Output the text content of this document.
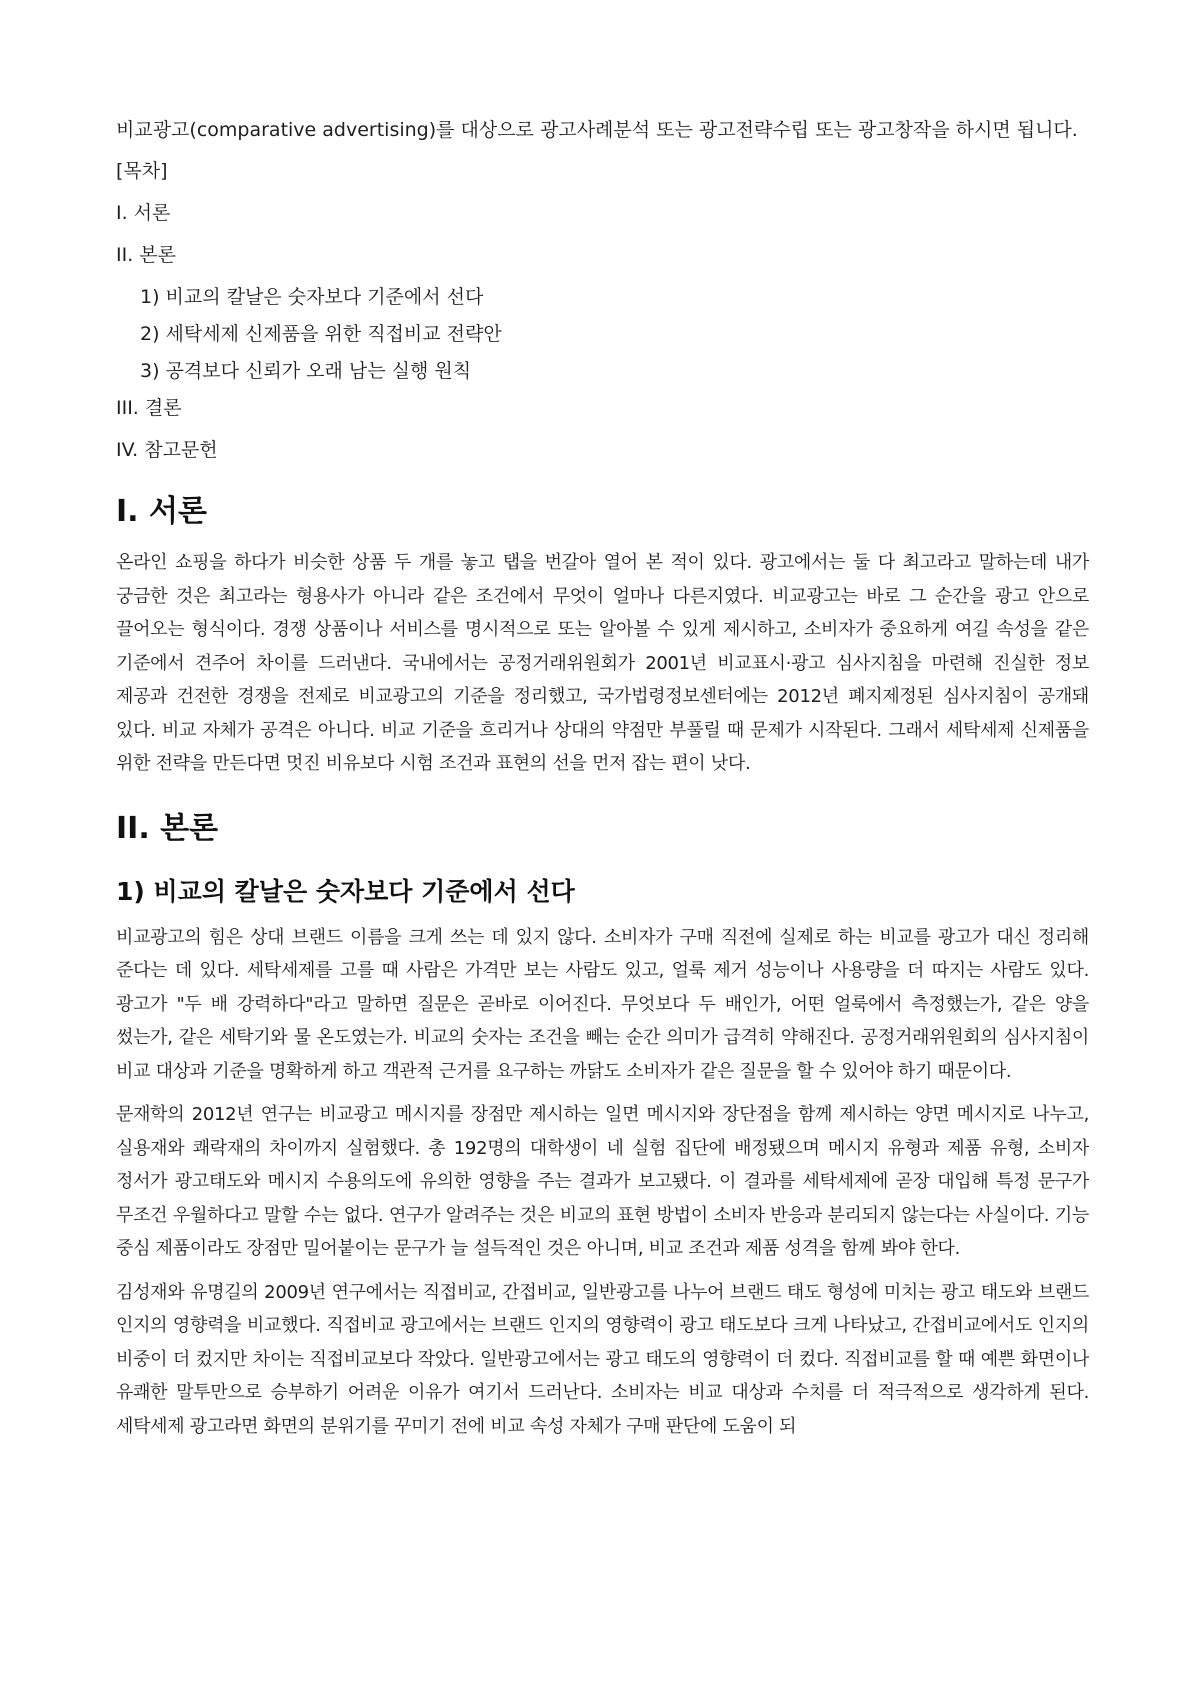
비교광고(comparative advertising)를 대상으로 광고사례분석 또는 광고전략수립 또는 광고창작을 하시면 됩니다.

[목차]
I. 서론
II. 본론
1) 비교의 칼날은 숫자보다 기준에서 선다
2) 세탁세제 신제품을 위한 직접비교 전략안
3) 공격보다 신뢰가 오래 남는 실행 원칙
III. 결론
IV. 참고문헌
I. 서론

온라인 쇼핑을 하다가 비슷한 상품 두 개를 놓고 탭을 번갈아 열어 본 적이 있다. 광고에서는 둘 다 최고라고 말하는데 내가 궁금한 것은 최고라는 형용사가 아니라 같은 조건에서 무엇이 얼마나 다른지였다. 비교광고는 바로 그 순간을 광고 안으로 끌어오는 형식이다. 경쟁 상품이나 서비스를 명시적으로 또는 알아볼 수 있게 제시하고, 소비자가 중요하게 여길 속성을 같은 기준에서 견주어 차이를 드러낸다. 국내에서는 공정거래위원회가 2001년 비교표시·광고 심사지침을 마련해 진실한 정보 제공과 건전한 경쟁을 전제로 비교광고의 기준을 정리했고, 국가법령정보센터에는 2012년 폐지제정된 심사지침이 공개돼 있다. 비교 자체가 공격은 아니다. 비교 기준을 흐리거나 상대의 약점만 부풀릴 때 문제가 시작된다. 그래서 세탁세제 신제품을 위한 전략을 만든다면 멋진 비유보다 시험 조건과 표현의 선을 먼저 잡는 편이 낫다.

II. 본론
1) 비교의 칼날은 숫자보다 기준에서 선다

비교광고의 힘은 상대 브랜드 이름을 크게 쓰는 데 있지 않다. 소비자가 구매 직전에 실제로 하는 비교를 광고가 대신 정리해 준다는 데 있다. 세탁세제를 고를 때 사람은 가격만 보는 사람도 있고, 얼룩 제거 성능이나 사용량을 더 따지는 사람도 있다. 광고가 "두 배 강력하다"라고 말하면 질문은 곧바로 이어진다. 무엇보다 두 배인가, 어떤 얼룩에서 측정했는가, 같은 양을 썼는가, 같은 세탁기와 물 온도였는가. 비교의 숫자는 조건을 빼는 순간 의미가 급격히 약해진다. 공정거래위원회의 심사지침이 비교 대상과 기준을 명확하게 하고 객관적 근거를 요구하는 까닭도 소비자가 같은 질문을 할 수 있어야 하기 때문이다.

문재학의 2012년 연구는 비교광고 메시지를 장점만 제시하는 일면 메시지와 장단점을 함께 제시하는 양면 메시지로 나누고, 실용재와 쾌락재의 차이까지 실험했다. 총 192명의 대학생이 네 실험 집단에 배정됐으며 메시지 유형과 제품 유형, 소비자 정서가 광고태도와 메시지 수용의도에 유의한 영향을 주는 결과가 보고됐다. 이 결과를 세탁세제에 곧장 대입해 특정 문구가 무조건 우월하다고 말할 수는 없다. 연구가 알려주는 것은 비교의 표현 방법이 소비자 반응과 분리되지 않는다는 사실이다. 기능 중심 제품이라도 장점만 밀어붙이는 문구가 늘 설득적인 것은 아니며, 비교 조건과 제품 성격을 함께 봐야 한다.

김성재와 유명길의 2009년 연구에서는 직접비교, 간접비교, 일반광고를 나누어 브랜드 태도 형성에 미치는 광고 태도와 브랜드 인지의 영향력을 비교했다. 직접비교 광고에서는 브랜드 인지의 영향력이 광고 태도보다 크게 나타났고, 간접비교에서도 인지의 비중이 더 컸지만 차이는 직접비교보다 작았다. 일반광고에서는 광고 태도의 영향력이 더 컸다. 직접비교를 할 때 예쁜 화면이나 유쾌한 말투만으로 승부하기 어려운 이유가 여기서 드러난다. 소비자는 비교 대상과 수치를 더 적극적으로 생각하게 된다. 세탁세제 광고라면 화면의 분위기를 꾸미기 전에 비교 속성 자체가 구매 판단에 도움이 되
